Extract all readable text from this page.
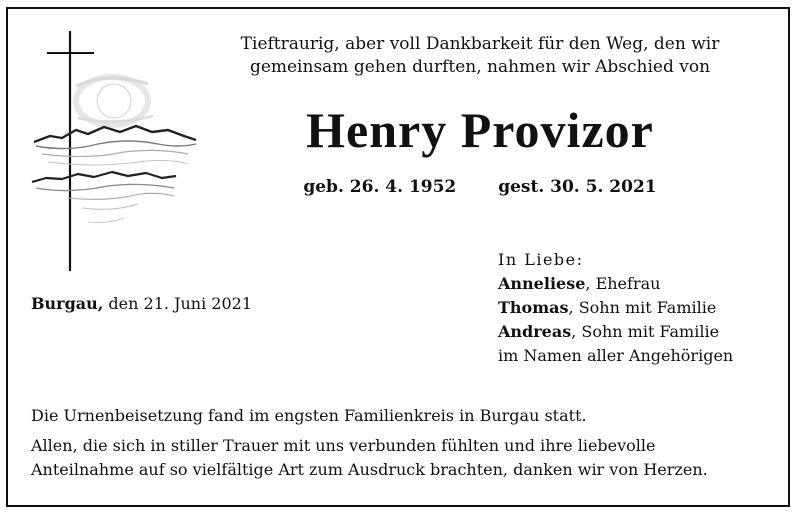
Tieftraurig, aber voll Dankbarkeit für den Weg, den wir
gemeinsam gehen durften, nahmen wir Abschied von
Henry Provizor
geb. 26. 4. 1952 gest. 30. 5. 2021
Burgau, den 21. Juni 2021
In Liebe:
Anneliese, Ehefrau
Thomas, Sohn mit Familie
Andreas, Sohn mit Familie
im Namen aller Angehörigen
Die Urnenbeisetzung fand im engsten Familienkreis in Burgau statt.
Allen, die sich in stiller Trauer mit uns verbunden fühlten und ihre liebevolle
Anteilnahme auf so vielfältige Art zum Ausdruck brachten, danken wir von Herzen.
